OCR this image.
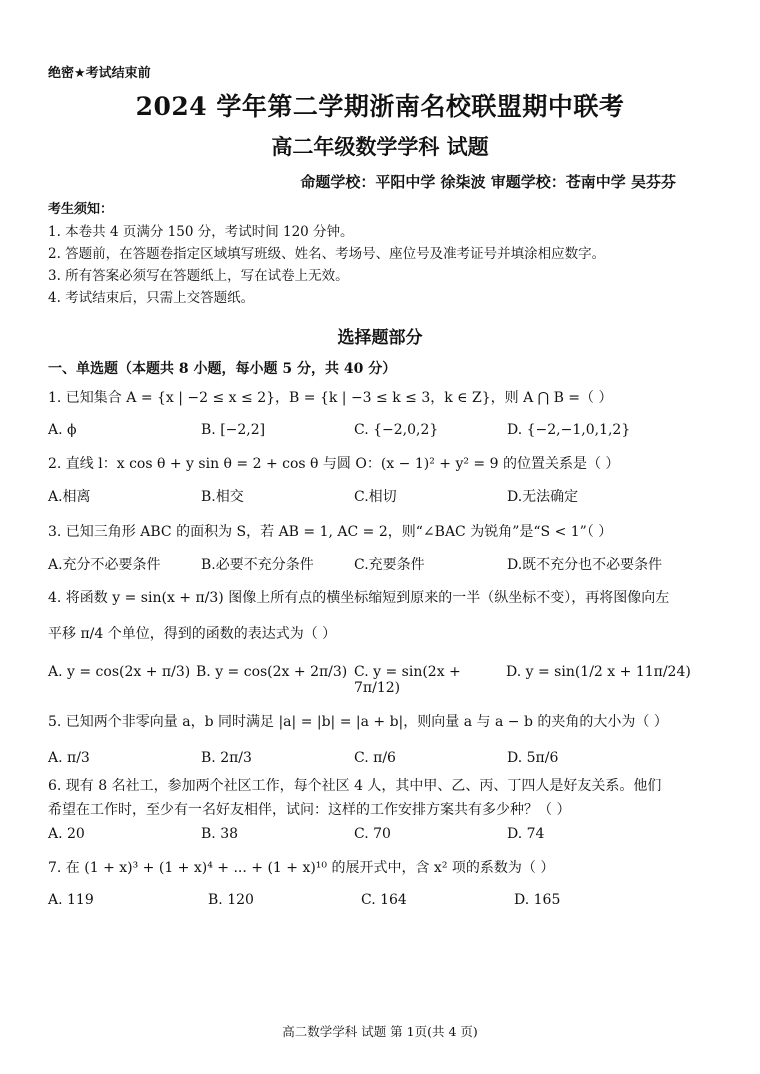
绝密★考试结束前

2024 学年第二学期浙南名校联盟期中联考

高二年级数学学科 试题

命题学校：平阳中学 徐柒波 审题学校：苍南中学 吴芬芬

考生须知：

1. 本卷共 4 页满分 150 分，考试时间 120 分钟。

2. 答题前，在答题卷指定区域填写班级、姓名、考场号、座位号及准考证号并填涂相应数字。

3. 所有答案必须写在答题纸上，写在试卷上无效。

4. 考试结束后，只需上交答题纸。

选择题部分

一、单选题（本题共 8 小题，每小题 5 分，共 40 分）

1. 已知集合 A = {x | −2 ≤ x ≤ 2}，B = {k | −3 ≤ k ≤ 3，k ∈ Z}，则 A ⋂ B =（ ）

A. ϕ	B. [−2,2]	C. {−2,0,2}	D. {−2,−1,0,1,2}

2. 直线 l：x cos θ + y sin θ = 2 + cos θ 与圆 O：(x − 1)² + y² = 9 的位置关系是（ ）

A.相离	B.相交	C.相切	D.无法确定

3. 已知三角形 ABC 的面积为 S，若 AB = 1, AC = 2，则“∠BAC 为锐角”是“S < 1”（ ）

A.充分不必要条件	B.必要不充分条件	C.充要条件	D.既不充分也不必要条件

4. 将函数 y = sin(x + π/3) 图像上所有点的横坐标缩短到原来的一半（纵坐标不变），再将图像向左

平移 π/4 个单位，得到的函数的表达式为（ ）

A. y = cos(2x + π/3) B. y = cos(2x + 2π/3) C. y = sin(2x + 7π/12)
D. y = sin(1/2 x + 11π/24)

5. 已知两个非零向量 a，b 同时满足 |a| = |b| = |a + b|，则向量 a 与 a − b 的夹角的大小为（ ）

A. π/3	B. 2π/3	C. π/6	D. 5π/6

6. 现有 8 名社工，参加两个社区工作，每个社区 4 人，其中甲、乙、丙、丁四人是好友关系。他们

希望在工作时，至少有一名好友相伴，试问：这样的工作安排方案共有多少种？（ ）

A. 20	B. 38	C. 70	D. 74

7. 在 (1 + x)³ + (1 + x)⁴ + ... + (1 + x)¹⁰ 的展开式中，含 x² 项的系数为（ ）

A. 119	B. 120	C. 164	D. 165
高二数学学科 试题 第 1页(共 4 页)
